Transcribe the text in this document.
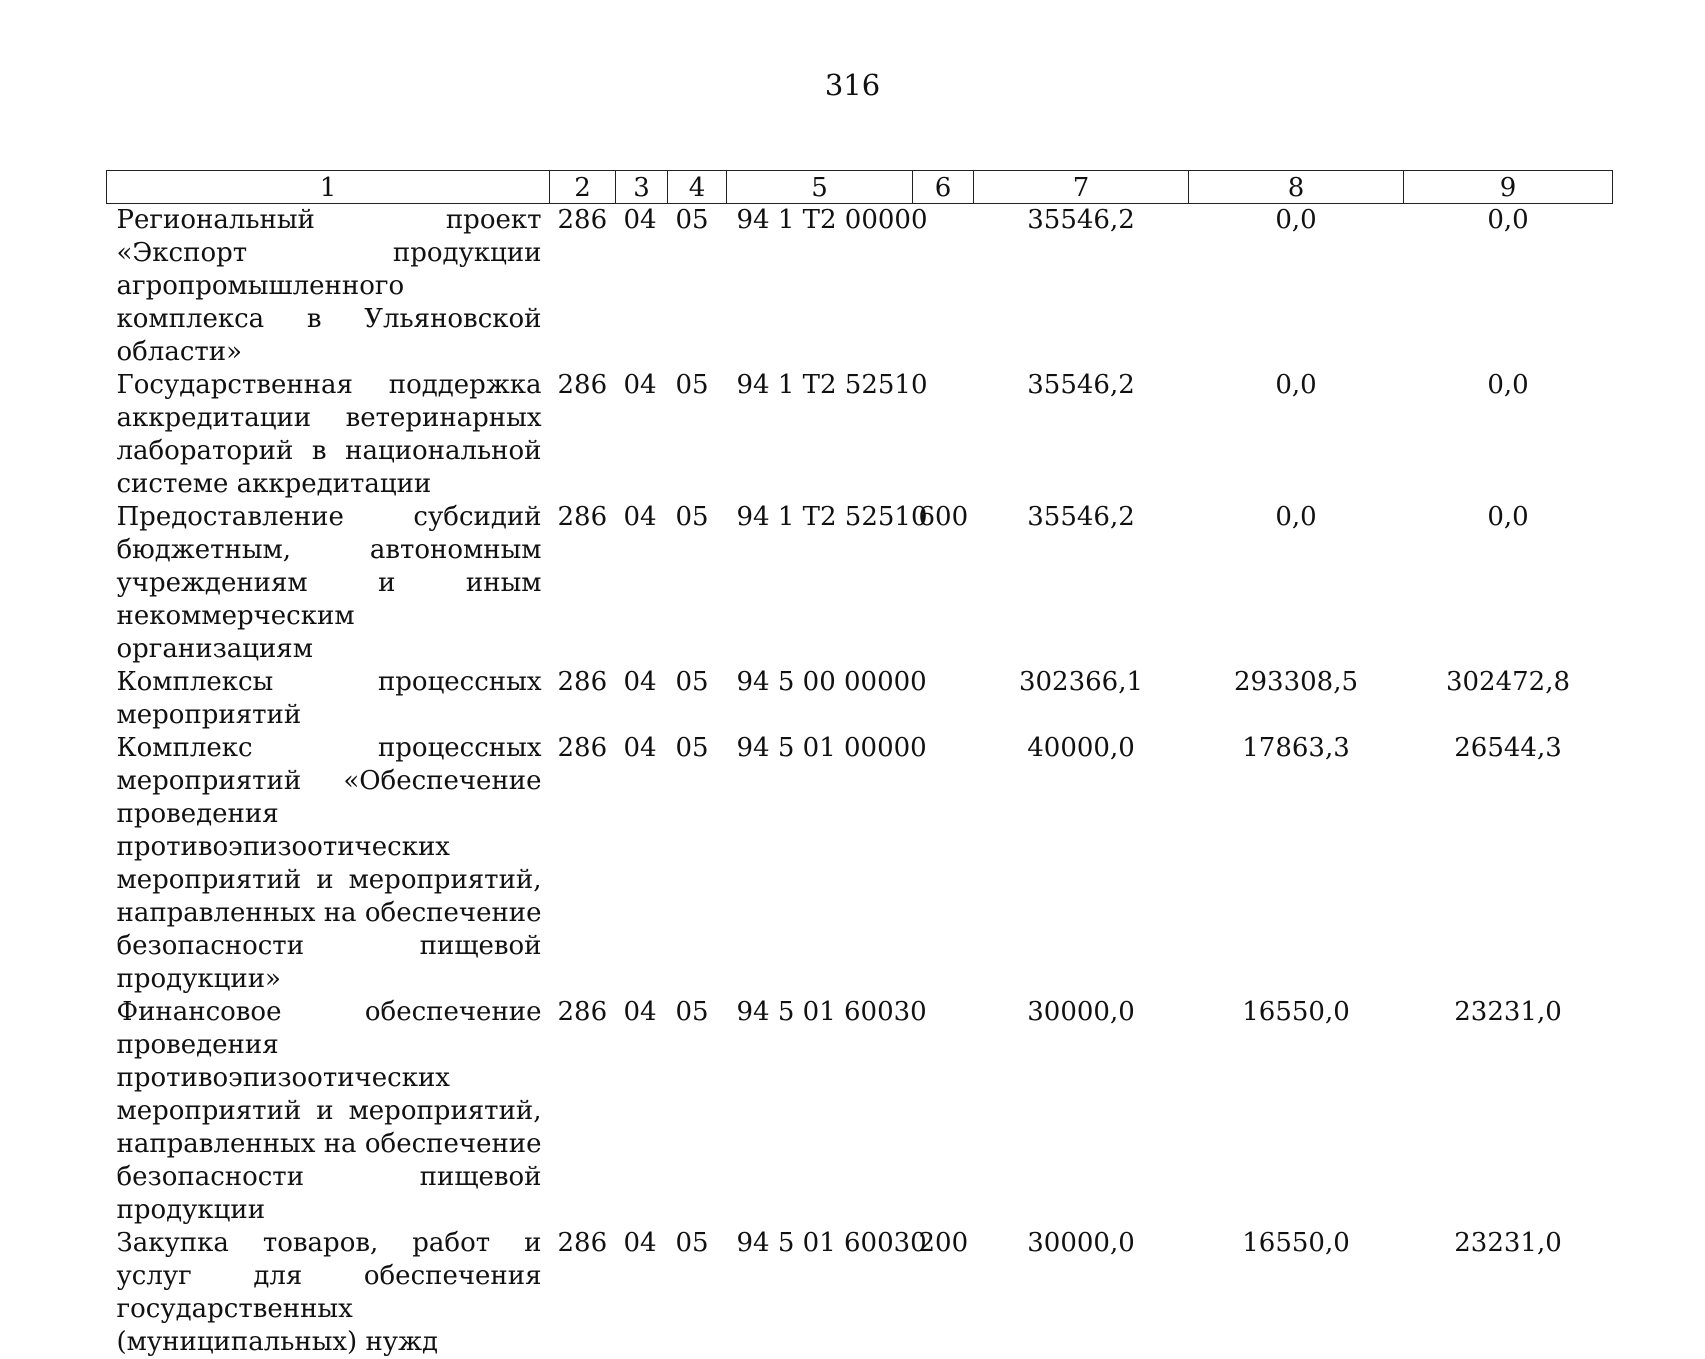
316
1	2	3	4	5	6	7	8	9
Региональный проект «Экспорт продукции агропромышленного комплекса в Ульяновской области»	286	04	05	94 1 T2 00000		35546,2	0,0	0,0
Государственная поддержка аккредитации ветеринарных лабораторий в национальной системе аккредитации	286	04	05	94 1 T2 52510		35546,2	0,0	0,0
Предоставление субсидий бюджетным, автономным учреждениям и иным некоммерческим организациям	286	04	05	94 1 T2 52510	600	35546,2	0,0	0,0
Комплексы процессных мероприятий	286	04	05	94 5 00 00000		302366,1	293308,5	302472,8
Комплекс процессных мероприятий «Обеспечение проведения противоэпизоотических мероприятий и мероприятий, направленных на обеспечение безопасности пищевой продукции»	286	04	05	94 5 01 00000		40000,0	17863,3	26544,3
Финансовое обеспечение проведения противоэпизоотических мероприятий и мероприятий, направленных на обеспечение безопасности пищевой продукции	286	04	05	94 5 01 60030		30000,0	16550,0	23231,0
Закупка товаров, работ и услуг для обеспечения государственных (муниципальных) нужд	286	04	05	94 5 01 60030	200	30000,0	16550,0	23231,0
